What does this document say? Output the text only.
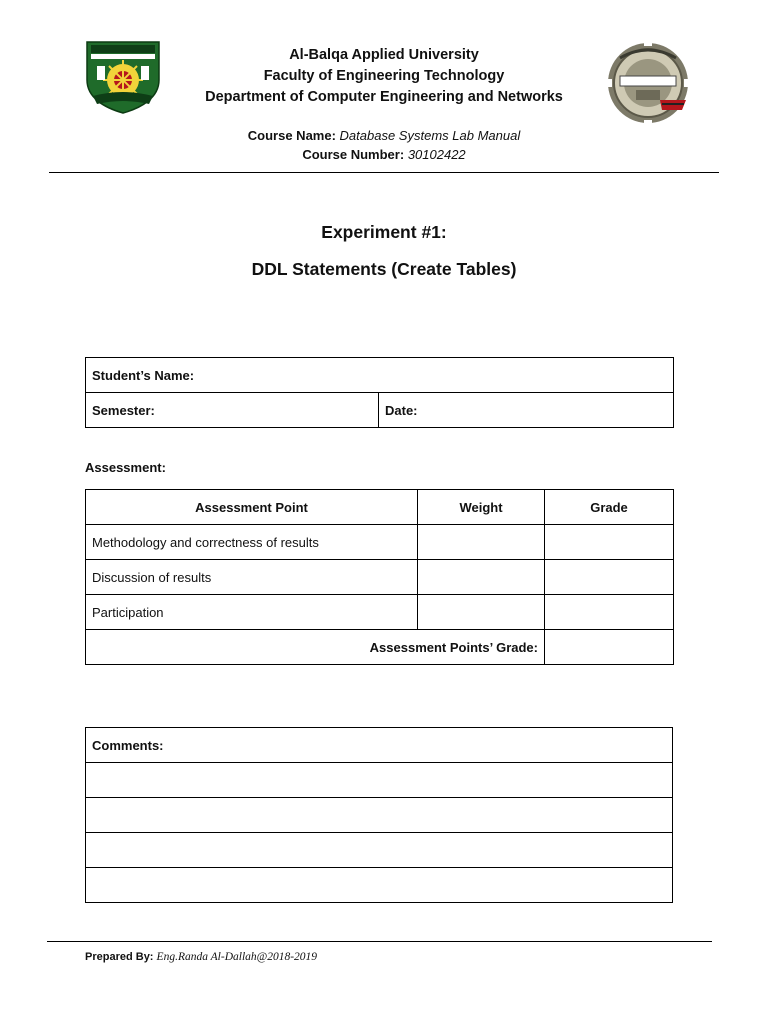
Al-Balqa Applied University
Faculty of Engineering Technology
Department of Computer Engineering and Networks
Course Name: Database Systems Lab Manual
Course Number: 30102422
Experiment #1:
DDL Statements (Create Tables)
Student’s Name:
Semester:	Date:
Assessment:
Assessment Point	Weight	Grade
Methodology and correctness of results		
Discussion of results		
Participation		
Assessment Points’ Grade:		
Comments:

Prepared By: Eng.Randa Al-Dallah@2018-2019
